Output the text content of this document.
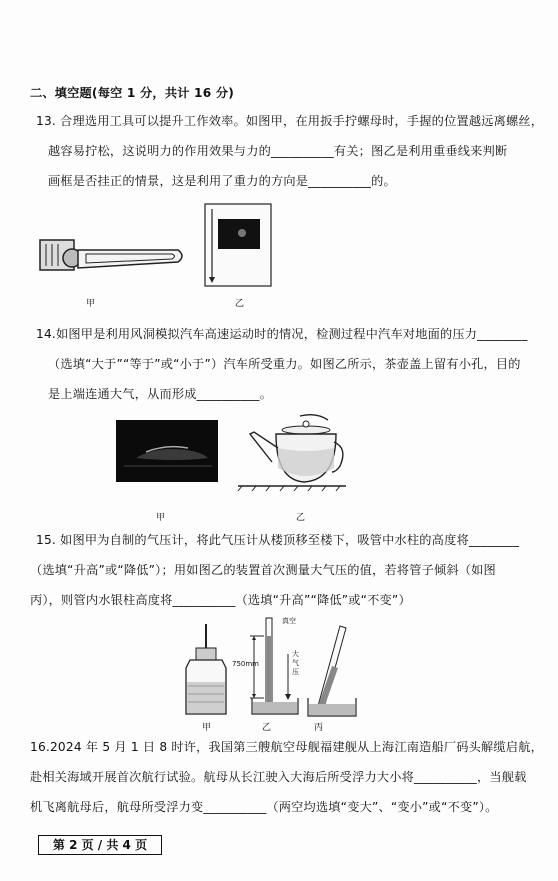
二、填空题(每空 1 分，共计 16 分)
13. 合理选用工具可以提升工作效率。如图甲，在用扳手拧螺母时，手握的位置越远离螺丝，
越容易拧松，这说明力的作用效果与力的__________有关；图乙是利用重垂线来判断
画框是否挂正的情景，这是利用了重力的方向是__________的。
甲	乙
14.如图甲是利用风洞模拟汽车高速运动时的情况，检测过程中汽车对地面的压力________
（选填“大于”“等于”或“小于”）汽车所受重力。如图乙所示，茶壶盖上留有小孔，目的
是上端连通大气，从而形成__________。
甲	乙
15. 如图甲为自制的气压计，将此气压计从楼顶移至楼下，吸管中水柱的高度将________
（选填“升高”或“降低”）；用如图乙的装置首次测量大气压的值，若将管子倾斜（如图
丙），则管内水银柱高度将__________（选填“升高”“降低”或“不变”）
甲
真空
750mm
大气压
乙	丙
16.2024 年 5 月 1 日 8 时许，我国第三艘航空母舰福建舰从上海江南造船厂码头解缆启航，
赴相关海域开展首次航行试验。航母从长江驶入大海后所受浮力大小将__________，当舰载
机飞离航母后，航母所受浮力变__________（两空均选填“变大”、“变小”或“不变”）。
第 2 页 / 共 4 页
